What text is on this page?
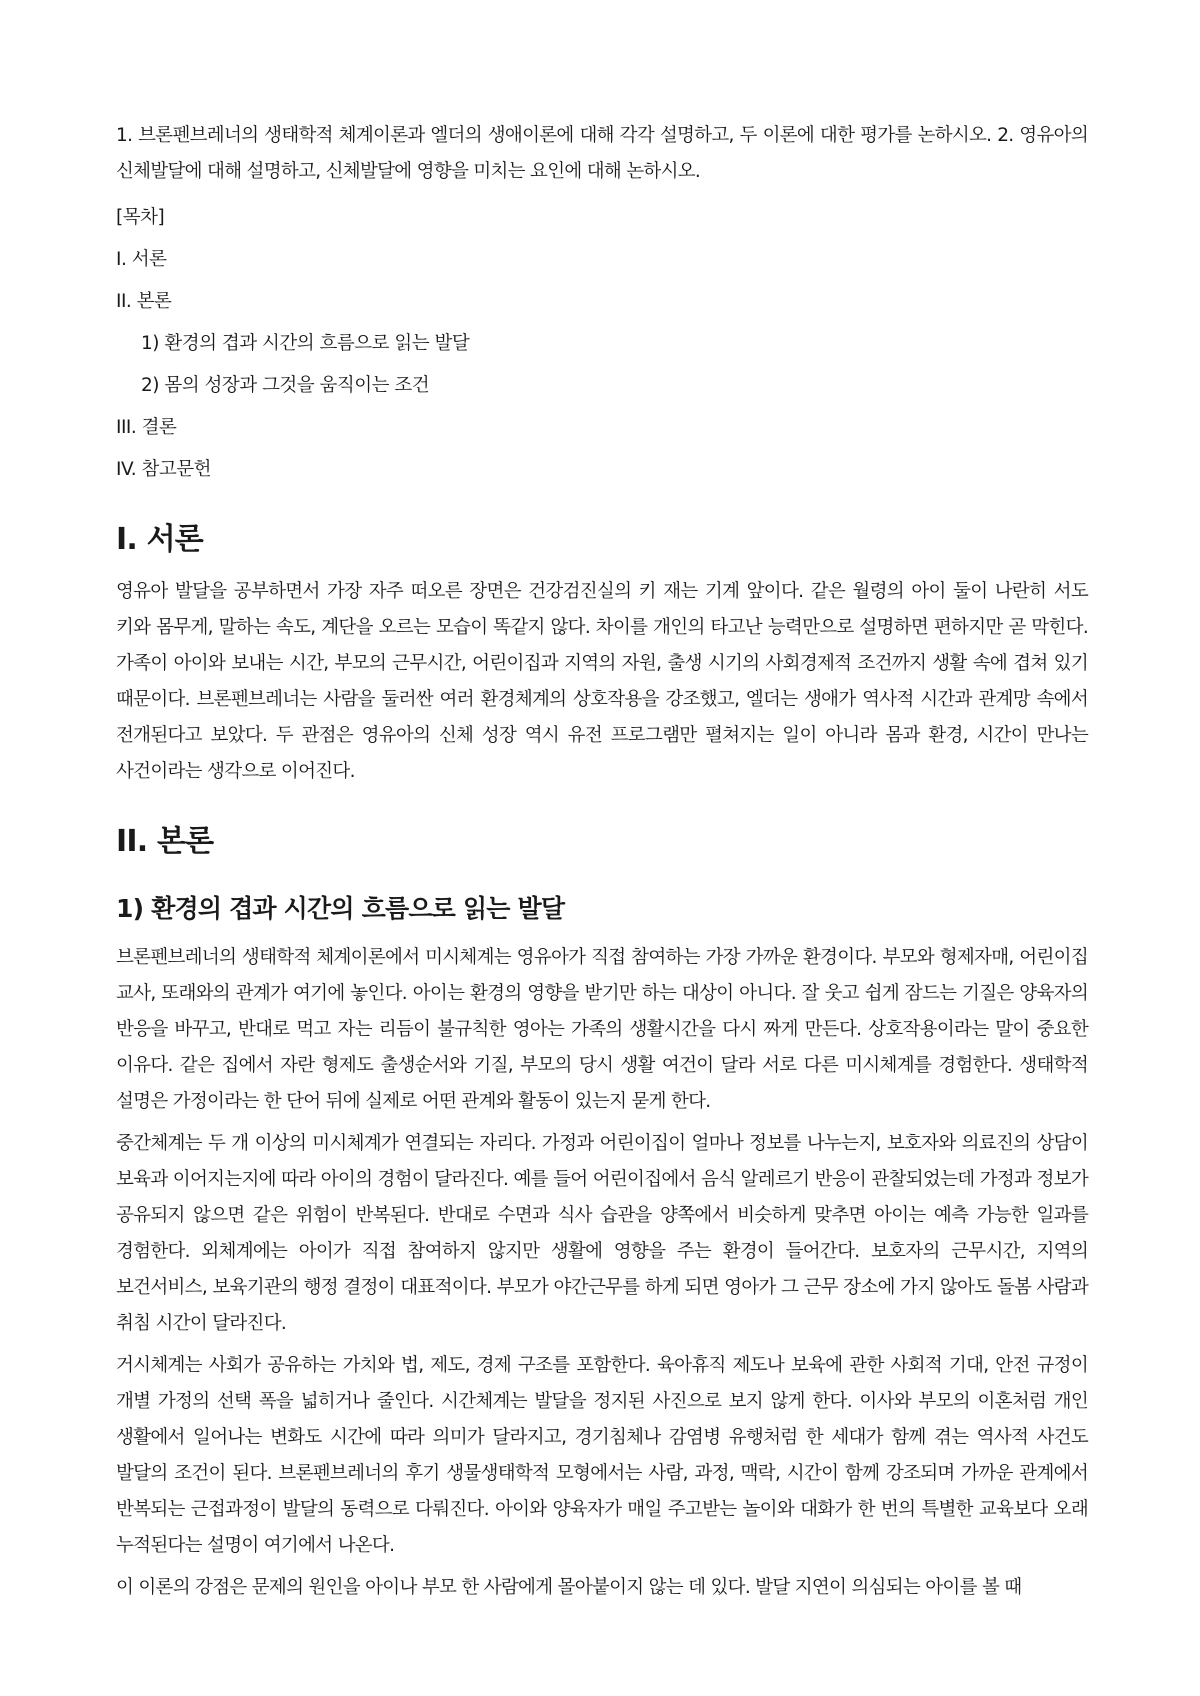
1. 브론펜브레너의 생태학적 체계이론과 엘더의 생애이론에 대해 각각 설명하고, 두 이론에 대한 평가를 논하시오. 2. 영유아의 신체발달에 대해 설명하고, 신체발달에 영향을 미치는 요인에 대해 논하시오.

[목차]

I. 서론
II. 본론
1) 환경의 겹과 시간의 흐름으로 읽는 발달
2) 몸의 성장과 그것을 움직이는 조건
III. 결론
IV. 참고문헌
I. 서론

영유아 발달을 공부하면서 가장 자주 떠오른 장면은 건강검진실의 키 재는 기계 앞이다. 같은 월령의 아이 둘이 나란히 서도 키와 몸무게, 말하는 속도, 계단을 오르는 모습이 똑같지 않다. 차이를 개인의 타고난 능력만으로 설명하면 편하지만 곧 막힌다. 가족이 아이와 보내는 시간, 부모의 근무시간, 어린이집과 지역의 자원, 출생 시기의 사회경제적 조건까지 생활 속에 겹쳐 있기 때문이다. 브론펜브레너는 사람을 둘러싼 여러 환경체계의 상호작용을 강조했고, 엘더는 생애가 역사적 시간과 관계망 속에서 전개된다고 보았다. 두 관점은 영유아의 신체 성장 역시 유전 프로그램만 펼쳐지는 일이 아니라 몸과 환경, 시간이 만나는 사건이라는 생각으로 이어진다.

II. 본론
1) 환경의 겹과 시간의 흐름으로 읽는 발달

브론펜브레너의 생태학적 체계이론에서 미시체계는 영유아가 직접 참여하는 가장 가까운 환경이다. 부모와 형제자매, 어린이집 교사, 또래와의 관계가 여기에 놓인다. 아이는 환경의 영향을 받기만 하는 대상이 아니다. 잘 웃고 쉽게 잠드는 기질은 양육자의 반응을 바꾸고, 반대로 먹고 자는 리듬이 불규칙한 영아는 가족의 생활시간을 다시 짜게 만든다. 상호작용이라는 말이 중요한 이유다. 같은 집에서 자란 형제도 출생순서와 기질, 부모의 당시 생활 여건이 달라 서로 다른 미시체계를 경험한다. 생태학적 설명은 가정이라는 한 단어 뒤에 실제로 어떤 관계와 활동이 있는지 묻게 한다.

중간체계는 두 개 이상의 미시체계가 연결되는 자리다. 가정과 어린이집이 얼마나 정보를 나누는지, 보호자와 의료진의 상담이 보육과 이어지는지에 따라 아이의 경험이 달라진다. 예를 들어 어린이집에서 음식 알레르기 반응이 관찰되었는데 가정과 정보가 공유되지 않으면 같은 위험이 반복된다. 반대로 수면과 식사 습관을 양쪽에서 비슷하게 맞추면 아이는 예측 가능한 일과를 경험한다. 외체계에는 아이가 직접 참여하지 않지만 생활에 영향을 주는 환경이 들어간다. 보호자의 근무시간, 지역의 보건서비스, 보육기관의 행정 결정이 대표적이다. 부모가 야간근무를 하게 되면 영아가 그 근무 장소에 가지 않아도 돌봄 사람과 취침 시간이 달라진다.

거시체계는 사회가 공유하는 가치와 법, 제도, 경제 구조를 포함한다. 육아휴직 제도나 보육에 관한 사회적 기대, 안전 규정이 개별 가정의 선택 폭을 넓히거나 줄인다. 시간체계는 발달을 정지된 사진으로 보지 않게 한다. 이사와 부모의 이혼처럼 개인 생활에서 일어나는 변화도 시간에 따라 의미가 달라지고, 경기침체나 감염병 유행처럼 한 세대가 함께 겪는 역사적 사건도 발달의 조건이 된다. 브론펜브레너의 후기 생물생태학적 모형에서는 사람, 과정, 맥락, 시간이 함께 강조되며 가까운 관계에서 반복되는 근접과정이 발달의 동력으로 다뤄진다. 아이와 양육자가 매일 주고받는 놀이와 대화가 한 번의 특별한 교육보다 오래 누적된다는 설명이 여기에서 나온다.

이 이론의 강점은 문제의 원인을 아이나 부모 한 사람에게 몰아붙이지 않는 데 있다. 발달 지연이 의심되는 아이를 볼 때
